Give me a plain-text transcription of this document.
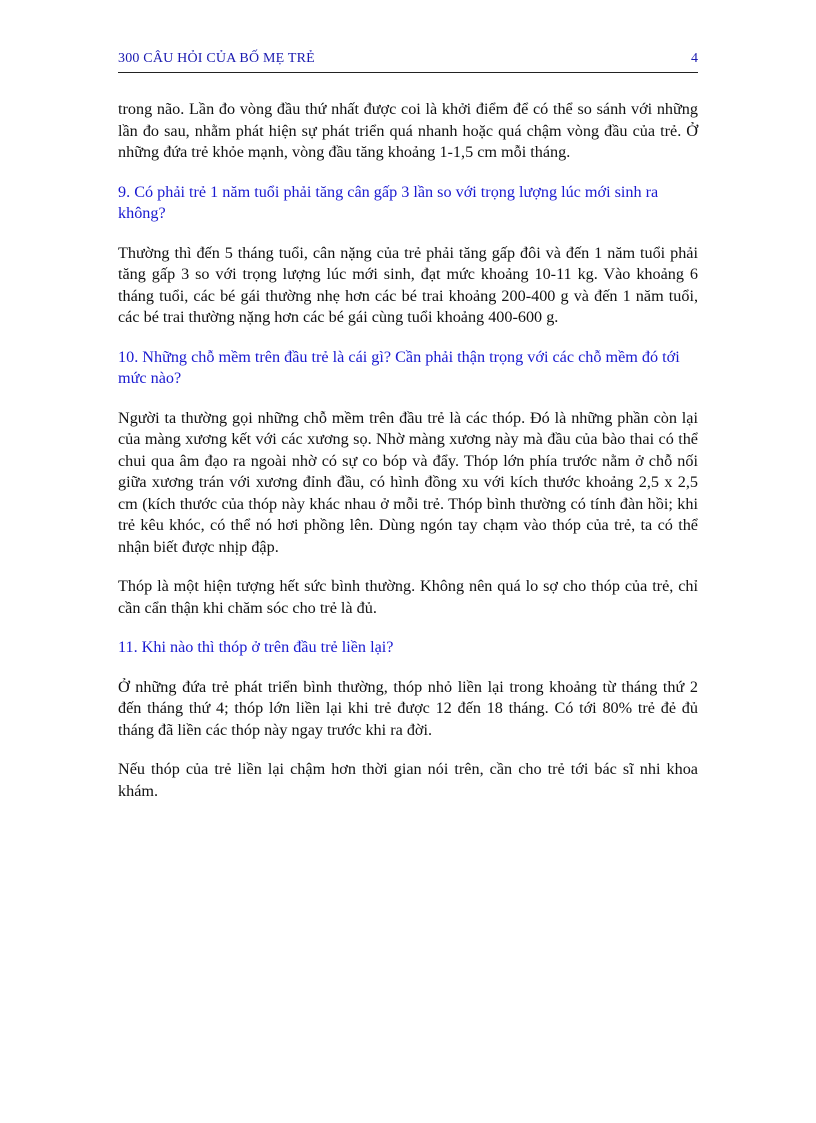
300 CÂU HỎI CỦA BỐ MẸ TRẺ	4

trong não. Lần đo vòng đầu thứ nhất được coi là khởi điểm để có thể so sánh với những lần đo sau, nhằm phát hiện sự phát triển quá nhanh hoặc quá chậm vòng đầu của trẻ. Ở những đứa trẻ khỏe mạnh, vòng đầu tăng khoảng 1-1,5 cm mỗi tháng.

9. Có phải trẻ 1 năm tuổi phải tăng cân gấp 3 lần so với trọng lượng lúc mới sinh ra không?

Thường thì đến 5 tháng tuổi, cân nặng của trẻ phải tăng gấp đôi và đến 1 năm tuổi phải tăng gấp 3 so với trọng lượng lúc mới sinh, đạt mức khoảng 10-11 kg. Vào khoảng 6 tháng tuổi, các bé gái thường nhẹ hơn các bé trai khoảng 200-400 g và đến 1 năm tuổi, các bé trai thường nặng hơn các bé gái cùng tuổi khoảng 400-600 g.

10. Những chỗ mềm trên đầu trẻ là cái gì? Cần phải thận trọng với các chỗ mềm đó tới mức nào?

Người ta thường gọi những chỗ mềm trên đầu trẻ là các thóp. Đó là những phần còn lại của màng xương kết với các xương sọ. Nhờ màng xương này mà đầu của bào thai có thể chui qua âm đạo ra ngoài nhờ có sự co bóp và đẩy. Thóp lớn phía trước nằm ở chỗ nối giữa xương trán với xương đỉnh đầu, có hình đồng xu với kích thước khoảng 2,5 x 2,5 cm (kích thước của thóp này khác nhau ở mỗi trẻ. Thóp bình thường có tính đàn hồi; khi trẻ kêu khóc, có thể nó hơi phồng lên. Dùng ngón tay chạm vào thóp của trẻ, ta có thể nhận biết được nhịp đập.

Thóp là một hiện tượng hết sức bình thường. Không nên quá lo sợ cho thóp của trẻ, chỉ cần cẩn thận khi chăm sóc cho trẻ là đủ.

11. Khi nào thì thóp ở trên đầu trẻ liền lại?

Ở những đứa trẻ phát triển bình thường, thóp nhỏ liền lại trong khoảng từ tháng thứ 2 đến tháng thứ 4; thóp lớn liền lại khi trẻ được 12 đến 18 tháng. Có tới 80% trẻ đẻ đủ tháng đã liền các thóp này ngay trước khi ra đời.

Nếu thóp của trẻ liền lại chậm hơn thời gian nói trên, cần cho trẻ tới bác sĩ nhi khoa khám.
